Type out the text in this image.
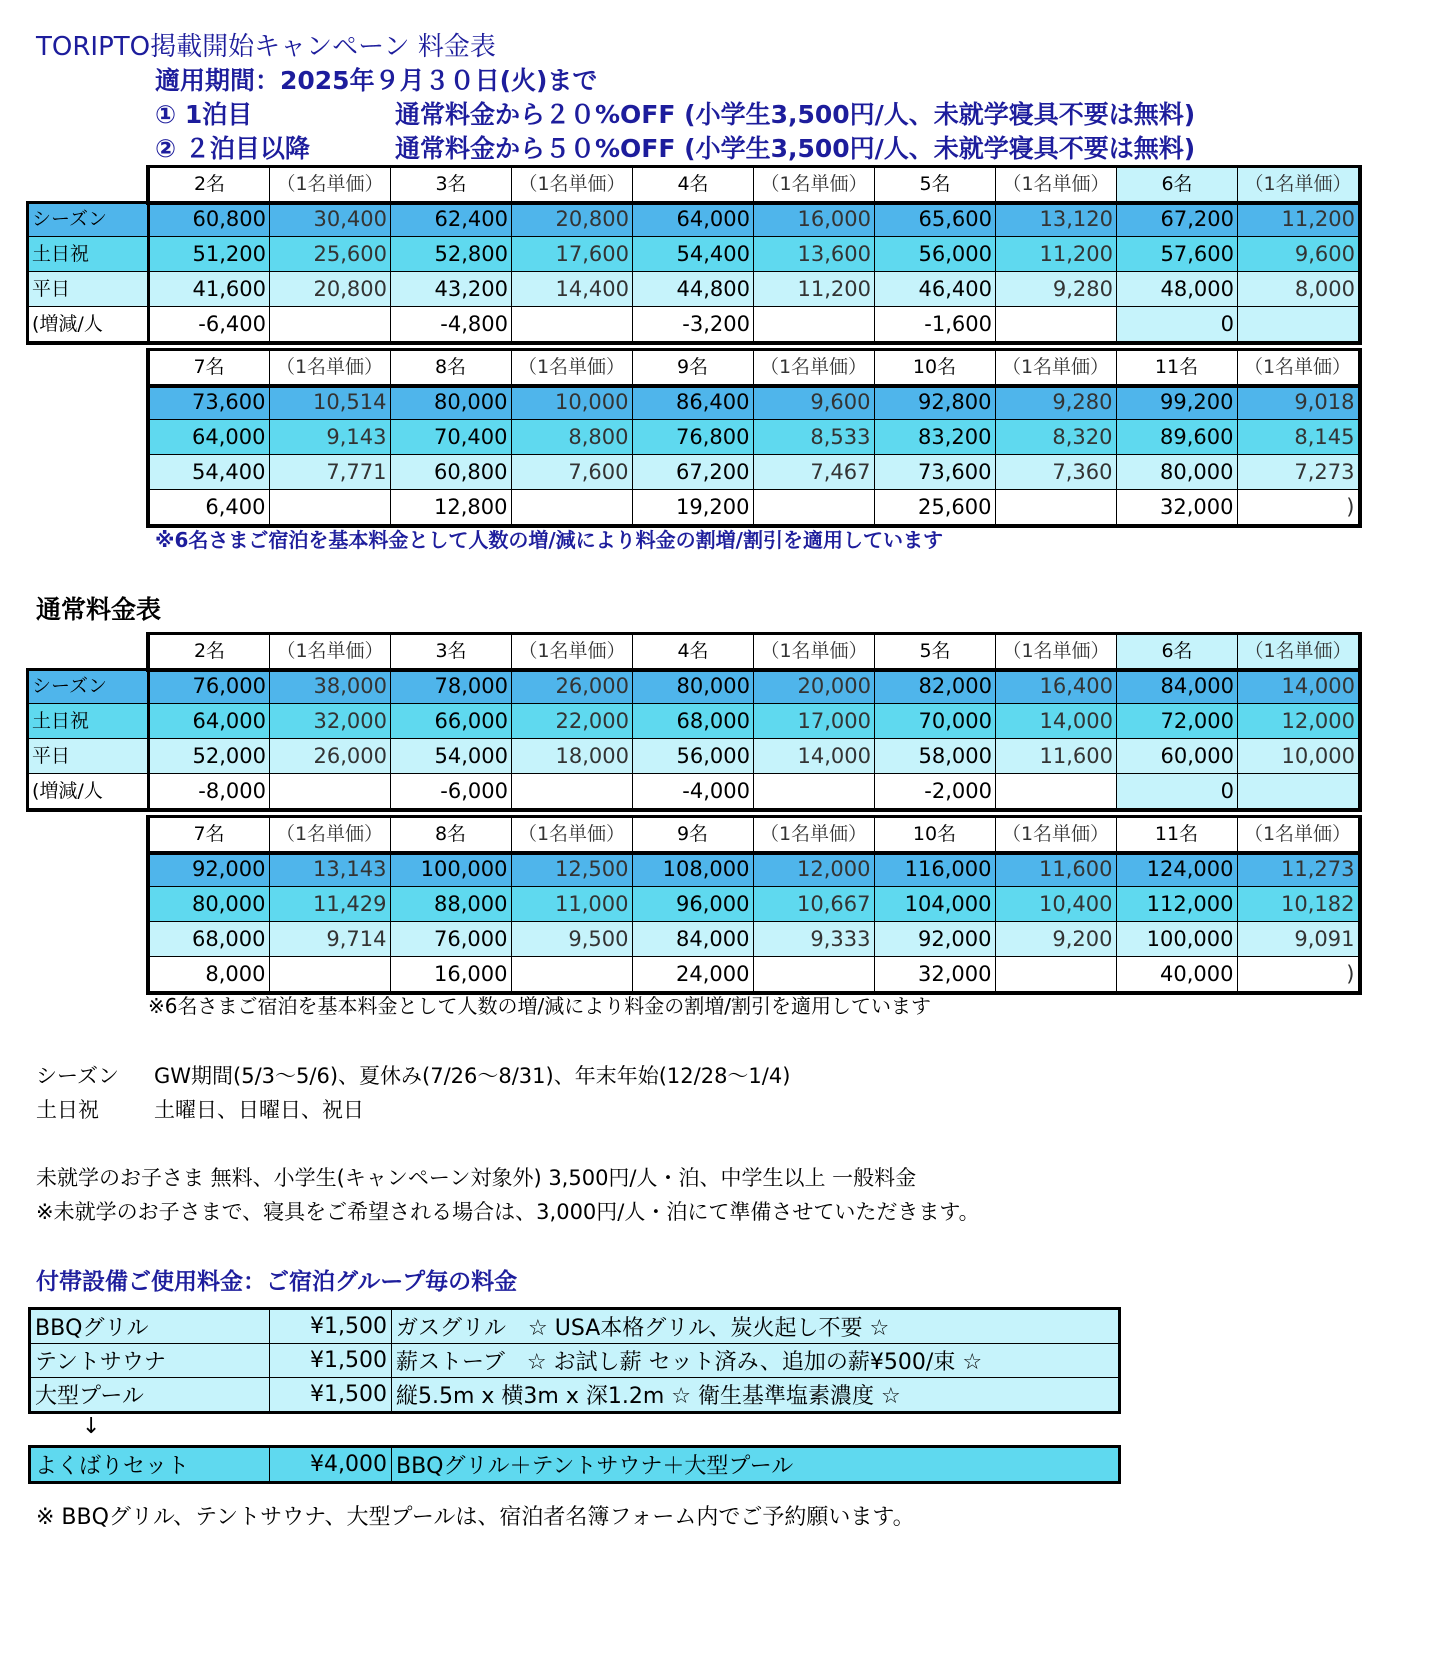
TORIPTO掲載開始キャンペーン 料金表
適用期間：2025年９月３０日(火)まで
① 1泊目	通常料金から２０%OFF (小学生3,500円/人、未就学寝具不要は無料)
② ２泊目以降	通常料金から５０%OFF (小学生3,500円/人、未就学寝具不要は無料)
	2名	（1名単価）	3名	（1名単価）	4名	（1名単価）	5名	（1名単価）	6名	（1名単価）
シーズン	60,800	30,400	62,400	20,800	64,000	16,000	65,600	13,120	67,200	11,200
土日祝	51,200	25,600	52,800	17,600	54,400	13,600	56,000	11,200	57,600	9,600
平日	41,600	20,800	43,200	14,400	44,800	11,200	46,400	9,280	48,000	8,000
(増減/人	-6,400		-4,800		-3,200		-1,600		0	
	7名	（1名単価）	8名	（1名単価）	9名	（1名単価）	10名	（1名単価）	11名	（1名単価）
	73,600	10,514	80,000	10,000	86,400	9,600	92,800	9,280	99,200	9,018
	64,000	9,143	70,400	8,800	76,800	8,533	83,200	8,320	89,600	8,145
	54,400	7,771	60,800	7,600	67,200	7,467	73,600	7,360	80,000	7,273
	6,400		12,800		19,200		25,600		32,000	)
	2名	（1名単価）	3名	（1名単価）	4名	（1名単価）	5名	（1名単価）	6名	（1名単価）
シーズン	76,000	38,000	78,000	26,000	80,000	20,000	82,000	16,400	84,000	14,000
土日祝	64,000	32,000	66,000	22,000	68,000	17,000	70,000	14,000	72,000	12,000
平日	52,000	26,000	54,000	18,000	56,000	14,000	58,000	11,600	60,000	10,000
(増減/人	-8,000		-6,000		-4,000		-2,000		0	
	7名	（1名単価）	8名	（1名単価）	9名	（1名単価）	10名	（1名単価）	11名	（1名単価）
	92,000	13,143	100,000	12,500	108,000	12,000	116,000	11,600	124,000	11,273
	80,000	11,429	88,000	11,000	96,000	10,667	104,000	10,400	112,000	10,182
	68,000	9,714	76,000	9,500	84,000	9,333	92,000	9,200	100,000	9,091
	8,000		16,000		24,000		32,000		40,000	)
※6名さまご宿泊を基本料金として人数の増/減により料金の割増/割引を適用しています
通常料金表
※6名さまご宿泊を基本料金として人数の増/減により料金の割増/割引を適用しています
シーズン GW期間(5/3～5/6)、夏休み(7/26～8/31)、年末年始(12/28～1/4)
土日祝	土曜日、日曜日、祝日
未就学のお子さま 無料、小学生(キャンペーン対象外) 3,500円/人・泊、中学生以上 一般料金
※未就学のお子さまで、寝具をご希望される場合は、3,000円/人・泊にて準備させていただきます。
付帯設備ご使用料金：ご宿泊グループ毎の料金
BBQグリル	¥1,500	ガスグリル　☆ USA本格グリル、炭火起し不要 ☆
テントサウナ	¥1,500	薪ストーブ　☆ お試し薪 セット済み、追加の薪¥500/束 ☆
大型プール	¥1,500	縦5.5m x 横3m x 深1.2m ☆ 衛生基準塩素濃度 ☆
↓
よくばりセット	¥4,000	BBQグリル＋テントサウナ＋大型プール
※ BBQグリル、テントサウナ、大型プールは、宿泊者名簿フォーム内でご予約願います。
